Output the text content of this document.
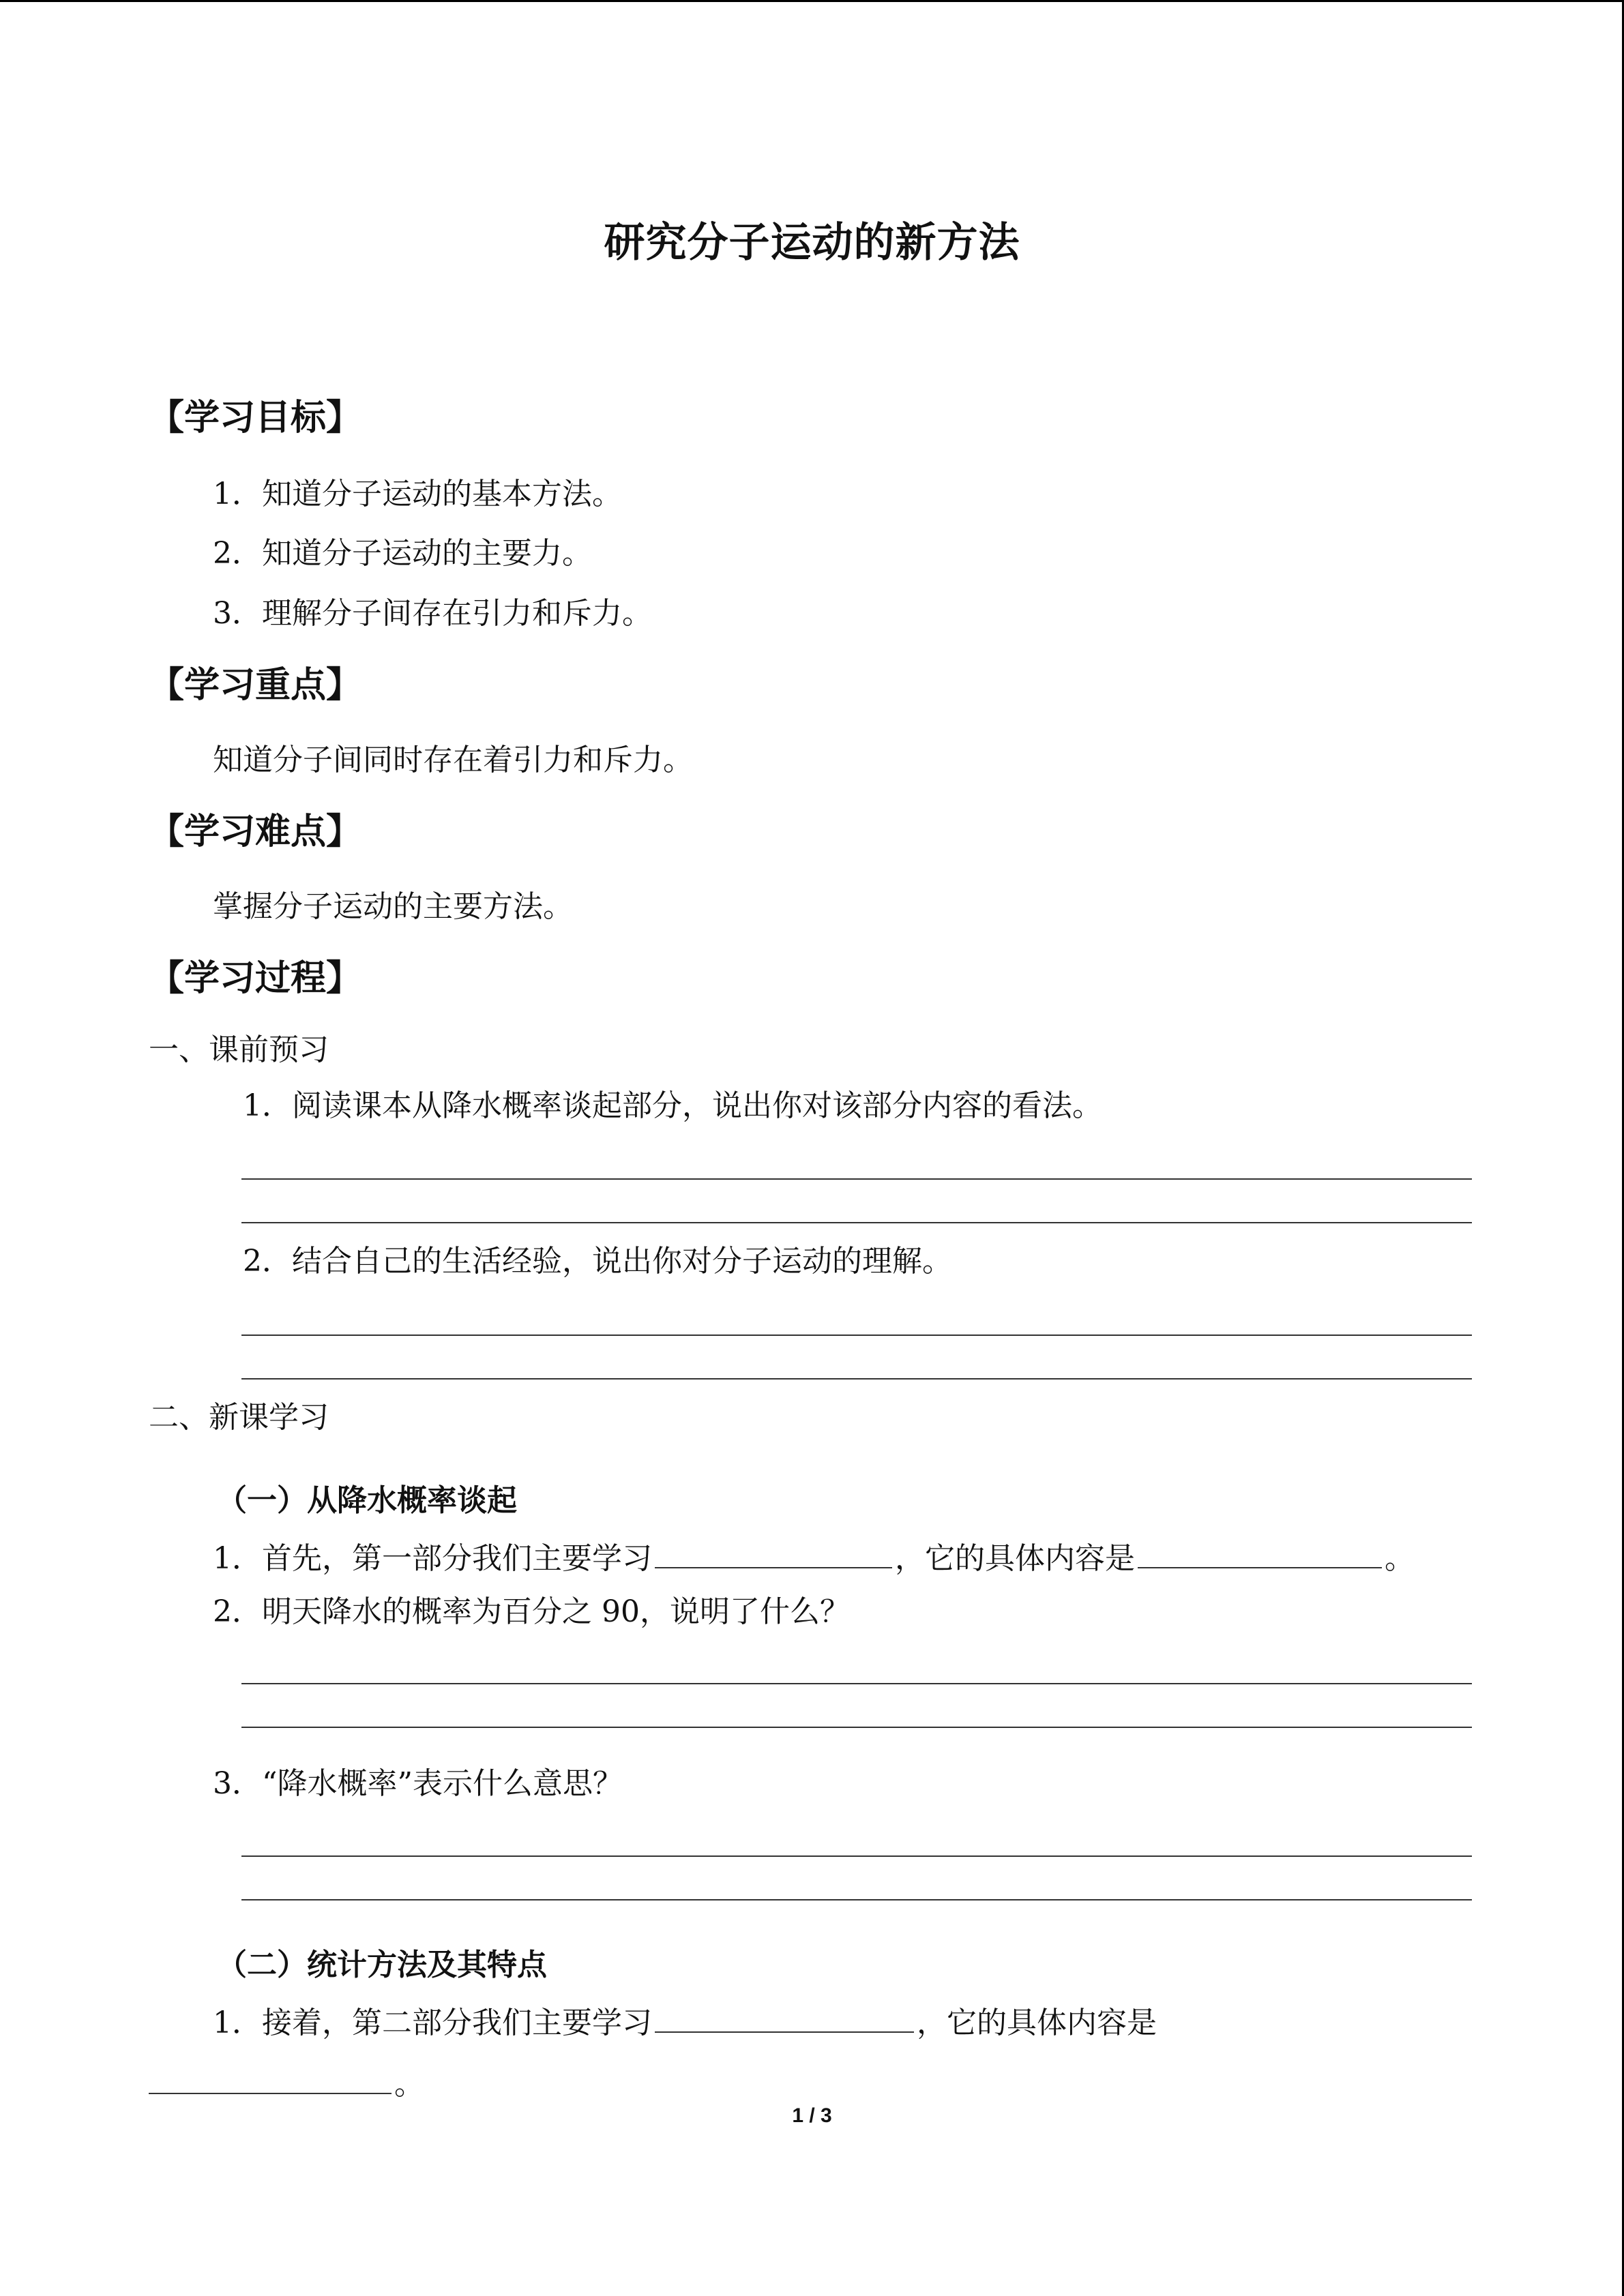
研究分子运动的新方法
【学习目标】
1．知道分子运动的基本方法。
2．知道分子运动的主要力。
3．理解分子间存在引力和斥力。
【学习重点】
知道分子间同时存在着引力和斥力。
【学习难点】
掌握分子运动的主要方法。
【学习过程】
一、课前预习
1．阅读课本从降水概率谈起部分，说出你对该部分内容的看法。
2．结合自己的生活经验，说出你对分子运动的理解。
二、新课学习
（一）从降水概率谈起
1．首先，第一部分我们主要学习	，它的具体内容是	。
2．明天降水的概率为百分之 90，说明了什么？
3．“降水概率”表示什么意思？
（二）统计方法及其特点
1．接着，第二部分我们主要学习	，它的具体内容是
。
1 / 3
